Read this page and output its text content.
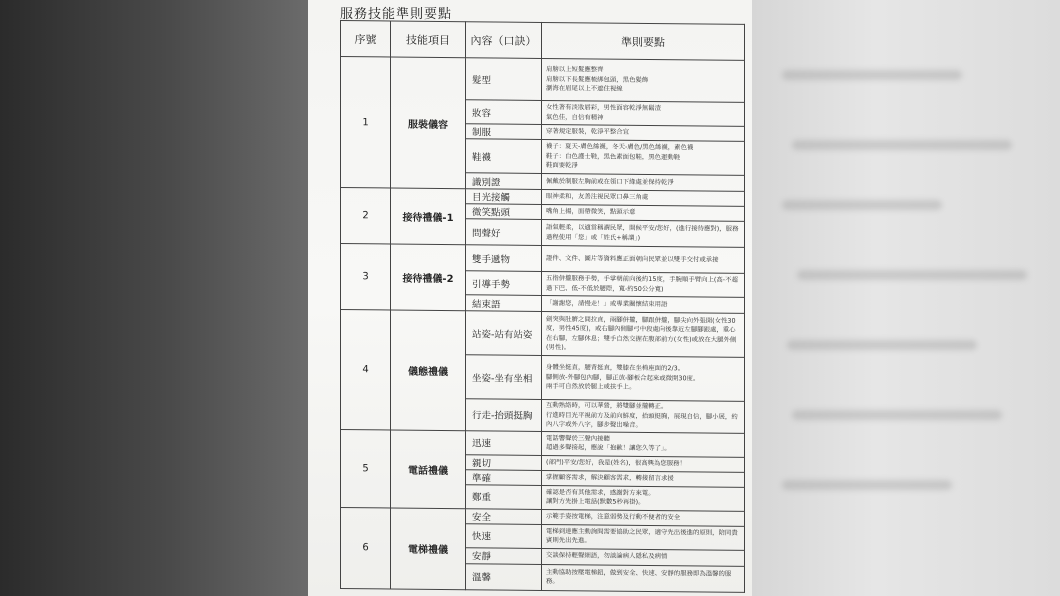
服務技能準則要點
序號	技能項目	內容（口訣）	準則要點
1	服裝儀容	髮型	肩膀以上短髮應整齊
肩膀以下長髮應梳綁包頭，黑色髮飾
瀏海在眉尾以上不遮住視線
		妝容	女性著有淡妝唇彩，男性面容乾淨無鬍渣
氣色佳，自信有精神
		制服	穿著規定服裝，乾淨平整合宜
		鞋襪	襪子：夏天-膚色絲襪，冬天-膚色/黑色絲襪，素色襪
鞋子：白色護士鞋，黑色素面包鞋，黑色運動鞋
鞋面要乾淨
		識別證	佩戴於制服左胸前或在領口下緣處並保持乾淨
2	接待禮儀-1	目光接觸	眼神柔和，友善注視民眾口鼻三角處
		微笑點頭	嘴角上揚，面帶微笑，點頭示意
		問聲好	語氣輕柔，以適當稱謂民眾，開候平安/您好，(進行接待應對)，服務過程使用「您」或「姓氏+稱謂」)
3	接待禮儀-2	雙手遞物	證件、文件、圖片等資料應正面朝向民眾並以雙手交付或承接
		引導手勢	五指併攏服務手勢，手掌朝前向後約15度，手腕順手臂向上(高-不超過下巴、低-不低於腰際，寬-約50公分寬)
		結束語	「謝謝您，請慢走！」或專業關懷結束用語
4	儀態禮儀	站姿-站有站姿	劍突與肚臍之間拉直，兩腳併攏，腳跟併攏，腳尖向外張開(女性30度，男性45度)，或右腳內側腳弓中段處向後靠近左腳腳跟處，重心在右腳，左腳休息；雙手自然交握在腹部前方(女性)或放在大腿外側(男性)。
		坐姿-坐有坐相	身體坐挺直，腰背挺直，雙膝在坐椅座面的2/3。
腳側放-外腳包內腳，腳正放-腳板合起來或微開30度。
兩手可自然放於腿上或扶手上。
		行走-抬頭挺胸	互動熟絡時，可以華營，將雙腳並攏轉正。
行進時目光平視前方及前向鮮度，抬頭挺胸，展現自信，腳小展，約內八字或外八字，腳步聲出噪音。
5	電話禮儀	迅速	電話響聲於三聲內接聽
超過多聲接起，應說「抱歉！讓您久等了」。
		親切	(部門)平安/您好，我是(姓名)，很高興為您服務！
		準確	掌握顧客需求，解決顧客需求，轉接留言求援
		鄭重	確認是否有其他需求，感謝對方來電。
讓對方先掛上電話(默數5秒再掛)。
6	電梯禮儀	安全	示範手姿按電梯，注意弱勢及行動不便者的安全
		快速	電梯到達應主動詢問需要協助之民眾，適守先出後進的原則，陪同貴賓則先出先進。
		安靜	交談保持輕聲細語，勿談論病人隱私及病情
		溫馨	主動協助按壓電梯鈕，做到安全、快速、安靜的服務即為溫馨的服務。
